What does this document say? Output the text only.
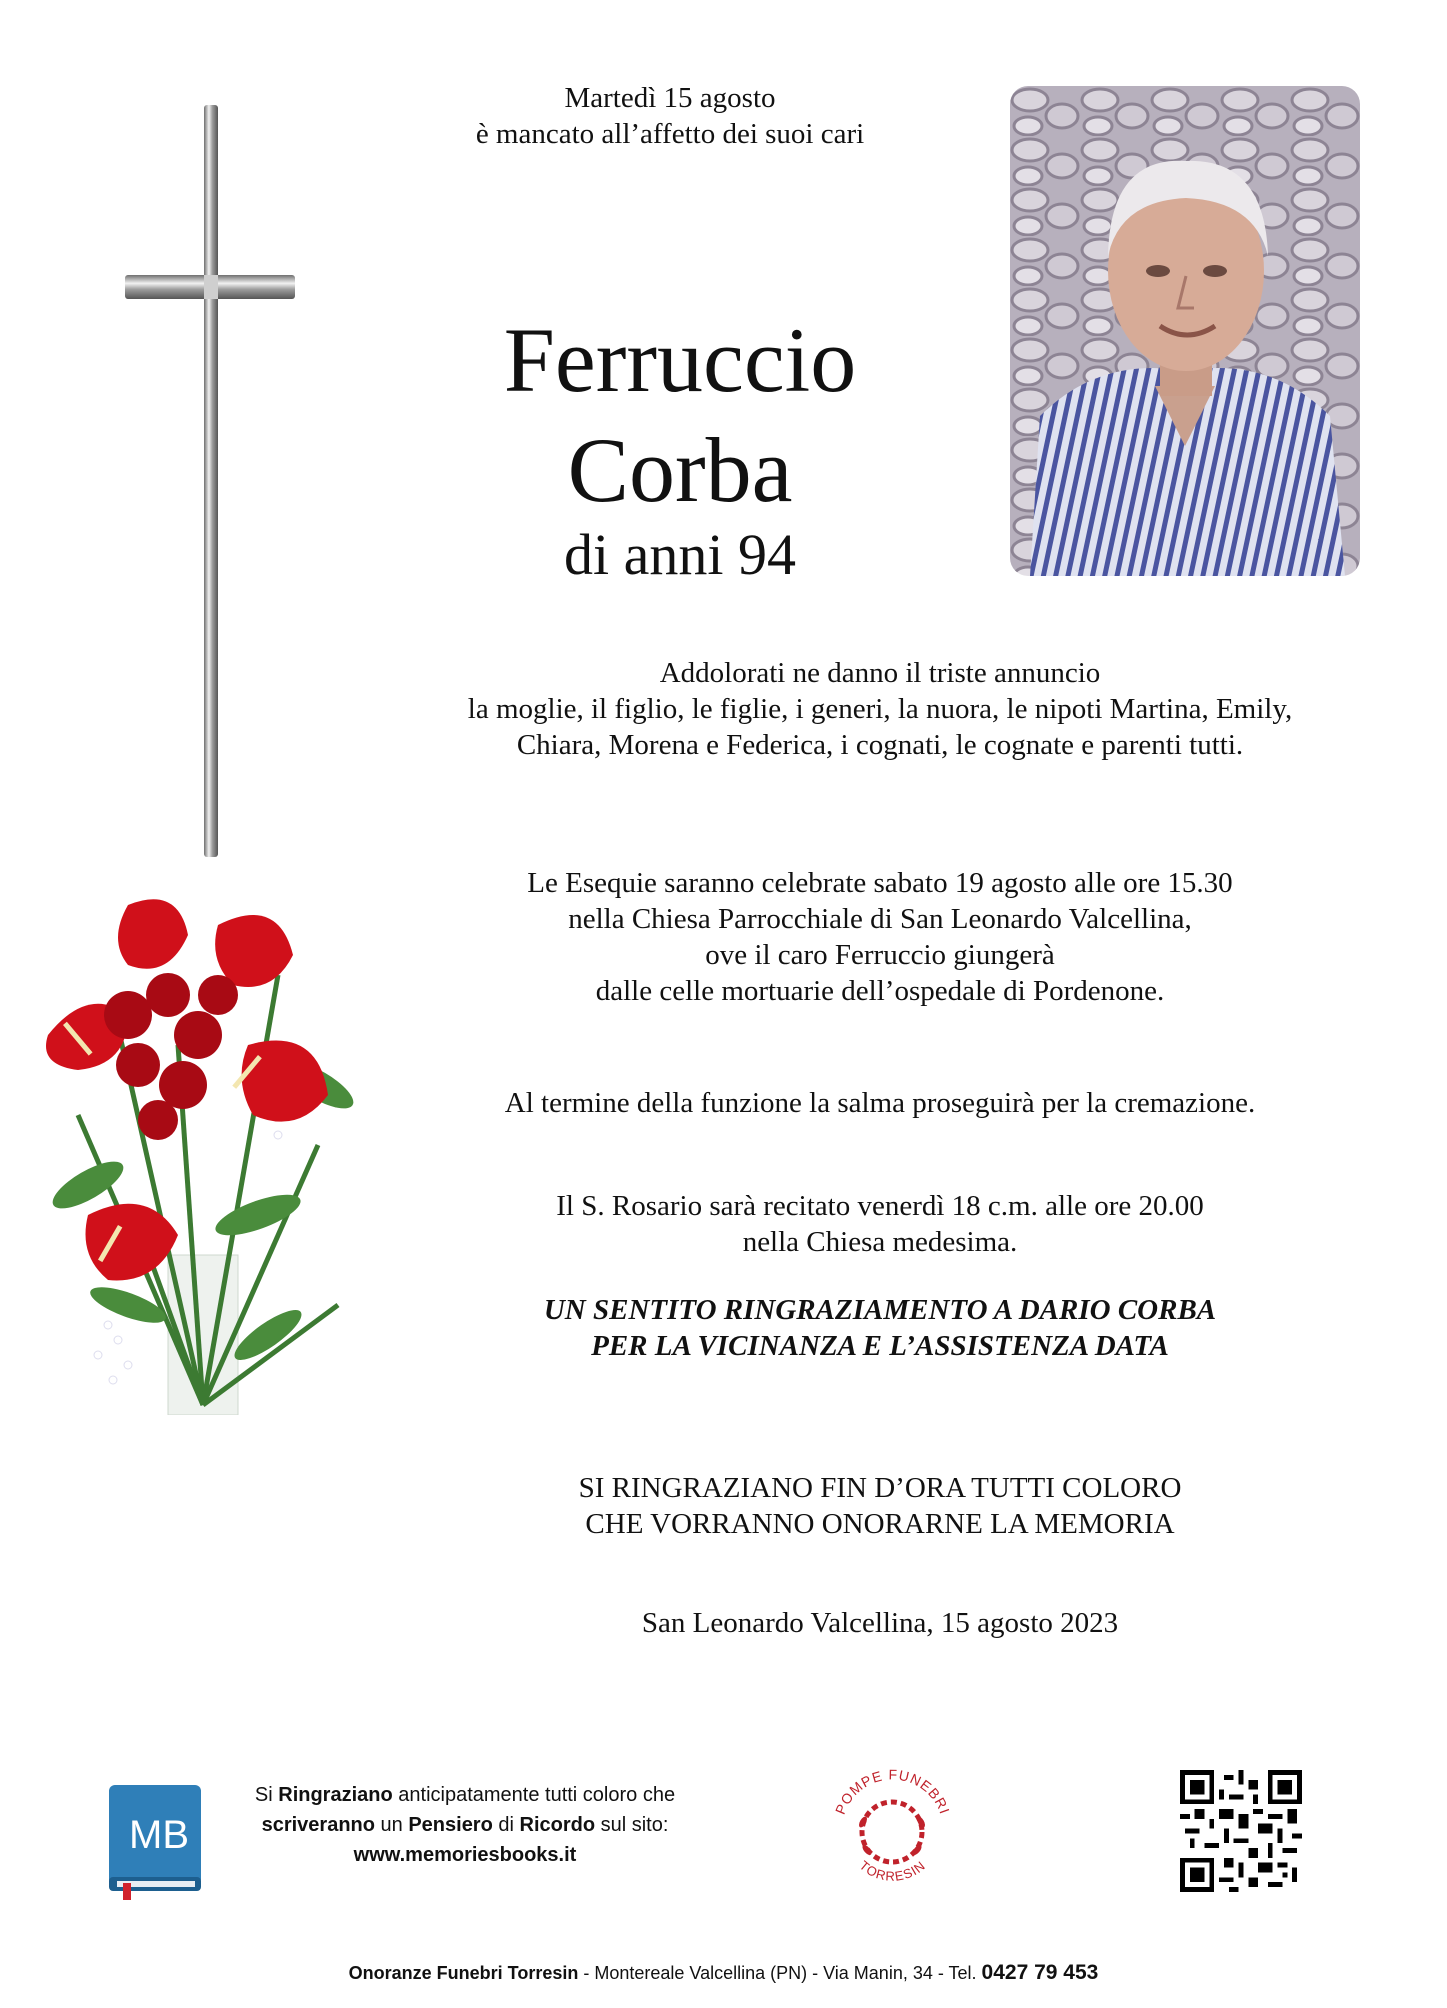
Martedì 15 agosto
è mancato all’affetto dei suoi cari
Ferruccio
Corba
di anni 94
Addolorati ne danno il triste annuncio
la moglie, il figlio, le figlie, i generi, la nuora, le nipoti Martina, Emily,
Chiara, Morena e Federica, i cognati, le cognate e parenti tutti.
Le Esequie saranno celebrate sabato 19 agosto alle ore 15.30
nella Chiesa Parrocchiale di San Leonardo Valcellina,
ove il caro Ferruccio giungerà
dalle celle mortuarie dell’ospedale di Pordenone.
Al termine della funzione la salma proseguirà per la cremazione.
Il S. Rosario sarà recitato venerdì 18 c.m. alle ore 20.00
nella Chiesa medesima.
UN SENTITO RINGRAZIAMENTO A DARIO CORBA
PER LA VICINANZA E L’ASSISTENZA DATA
SI RINGRAZIANO FIN D’ORA TUTTI COLORO
CHE VORRANNO ONORARNE LA MEMORIA
San Leonardo Valcellina, 15 agosto 2023
MB
Si Ringraziano anticipatamente tutti coloro che
scriveranno un Pensiero di Ricordo sul sito:
www.memoriesbooks.it
POMPE FUNEBRI
TORRESIN
Onoranze Funebri Torresin - Montereale Valcellina (PN) - Via Manin, 34 - Tel. 0427 79 453
